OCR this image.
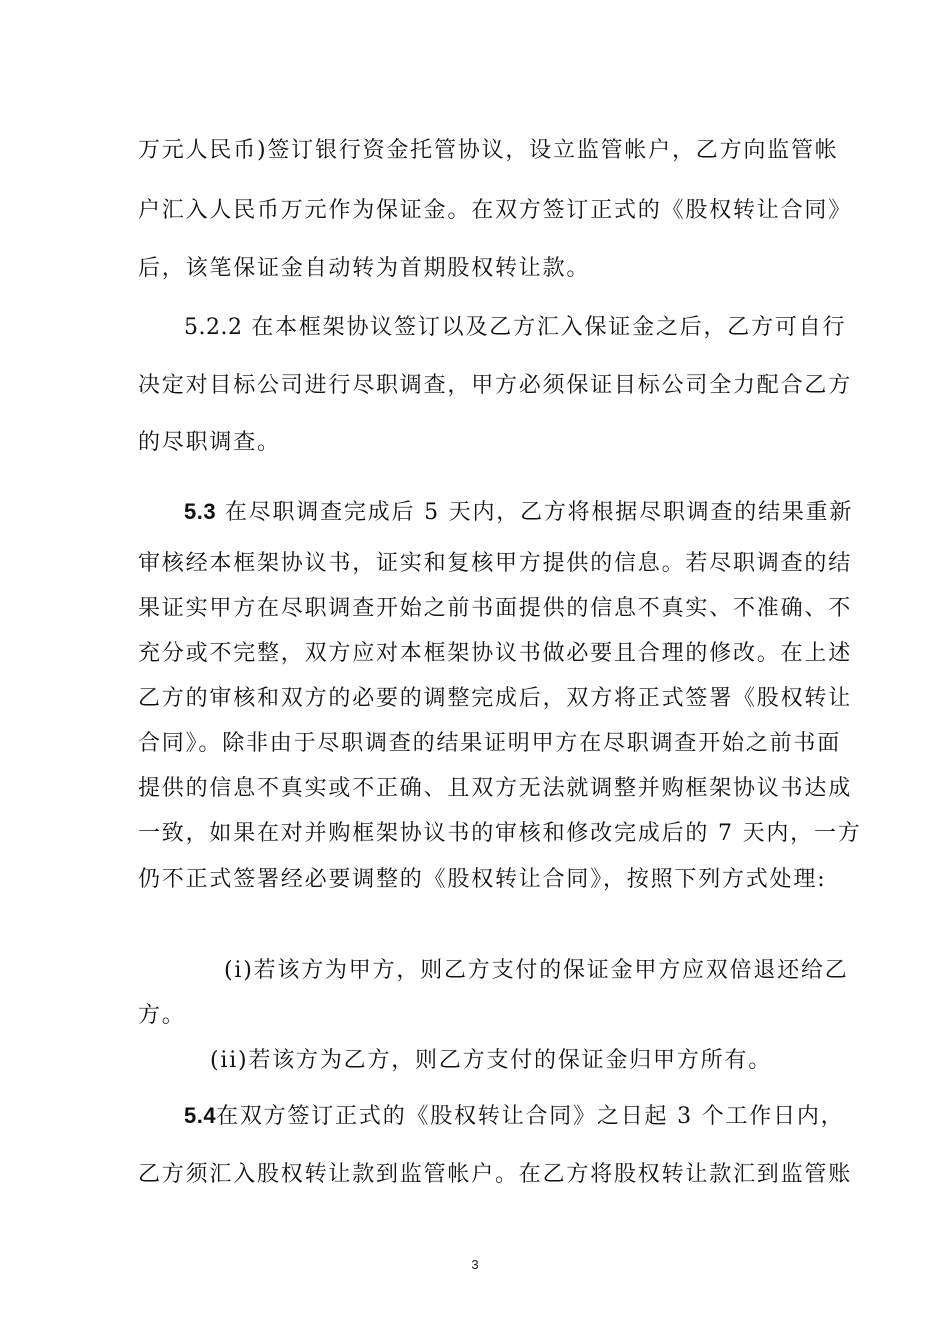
万元人民币)签订银行资金托管协议，设立监管帐户，乙方向监管帐
户汇入人民币万元作为保证金。在双方签订正式的《股权转让合同》
后，该笔保证金自动转为首期股权转让款。
5.2.2 在本框架协议签订以及乙方汇入保证金之后，乙方可自行
决定对目标公司进行尽职调查，甲方必须保证目标公司全力配合乙方
的尽职调查。
5.3 在尽职调查完成后 5 天内，乙方将根据尽职调查的结果重新
审核经本框架协议书，证实和复核甲方提供的信息。若尽职调查的结
果证实甲方在尽职调查开始之前书面提供的信息不真实、不准确、不
充分或不完整，双方应对本框架协议书做必要且合理的修改。在上述
乙方的审核和双方的必要的调整完成后，双方将正式签署《股权转让
合同》。除非由于尽职调查的结果证明甲方在尽职调查开始之前书面
提供的信息不真实或不正确、且双方无法就调整并购框架协议书达成
一致，如果在对并购框架协议书的审核和修改完成后的 7 天内，一方
仍不正式签署经必要调整的《股权转让合同》，按照下列方式处理:
(i)若该方为甲方，则乙方支付的保证金甲方应双倍退还给乙
方。
(ii)若该方为乙方，则乙方支付的保证金归甲方所有。
5.4在双方签订正式的《股权转让合同》之日起 3 个工作日内，
乙方须汇入股权转让款到监管帐户。在乙方将股权转让款汇到监管账
3
